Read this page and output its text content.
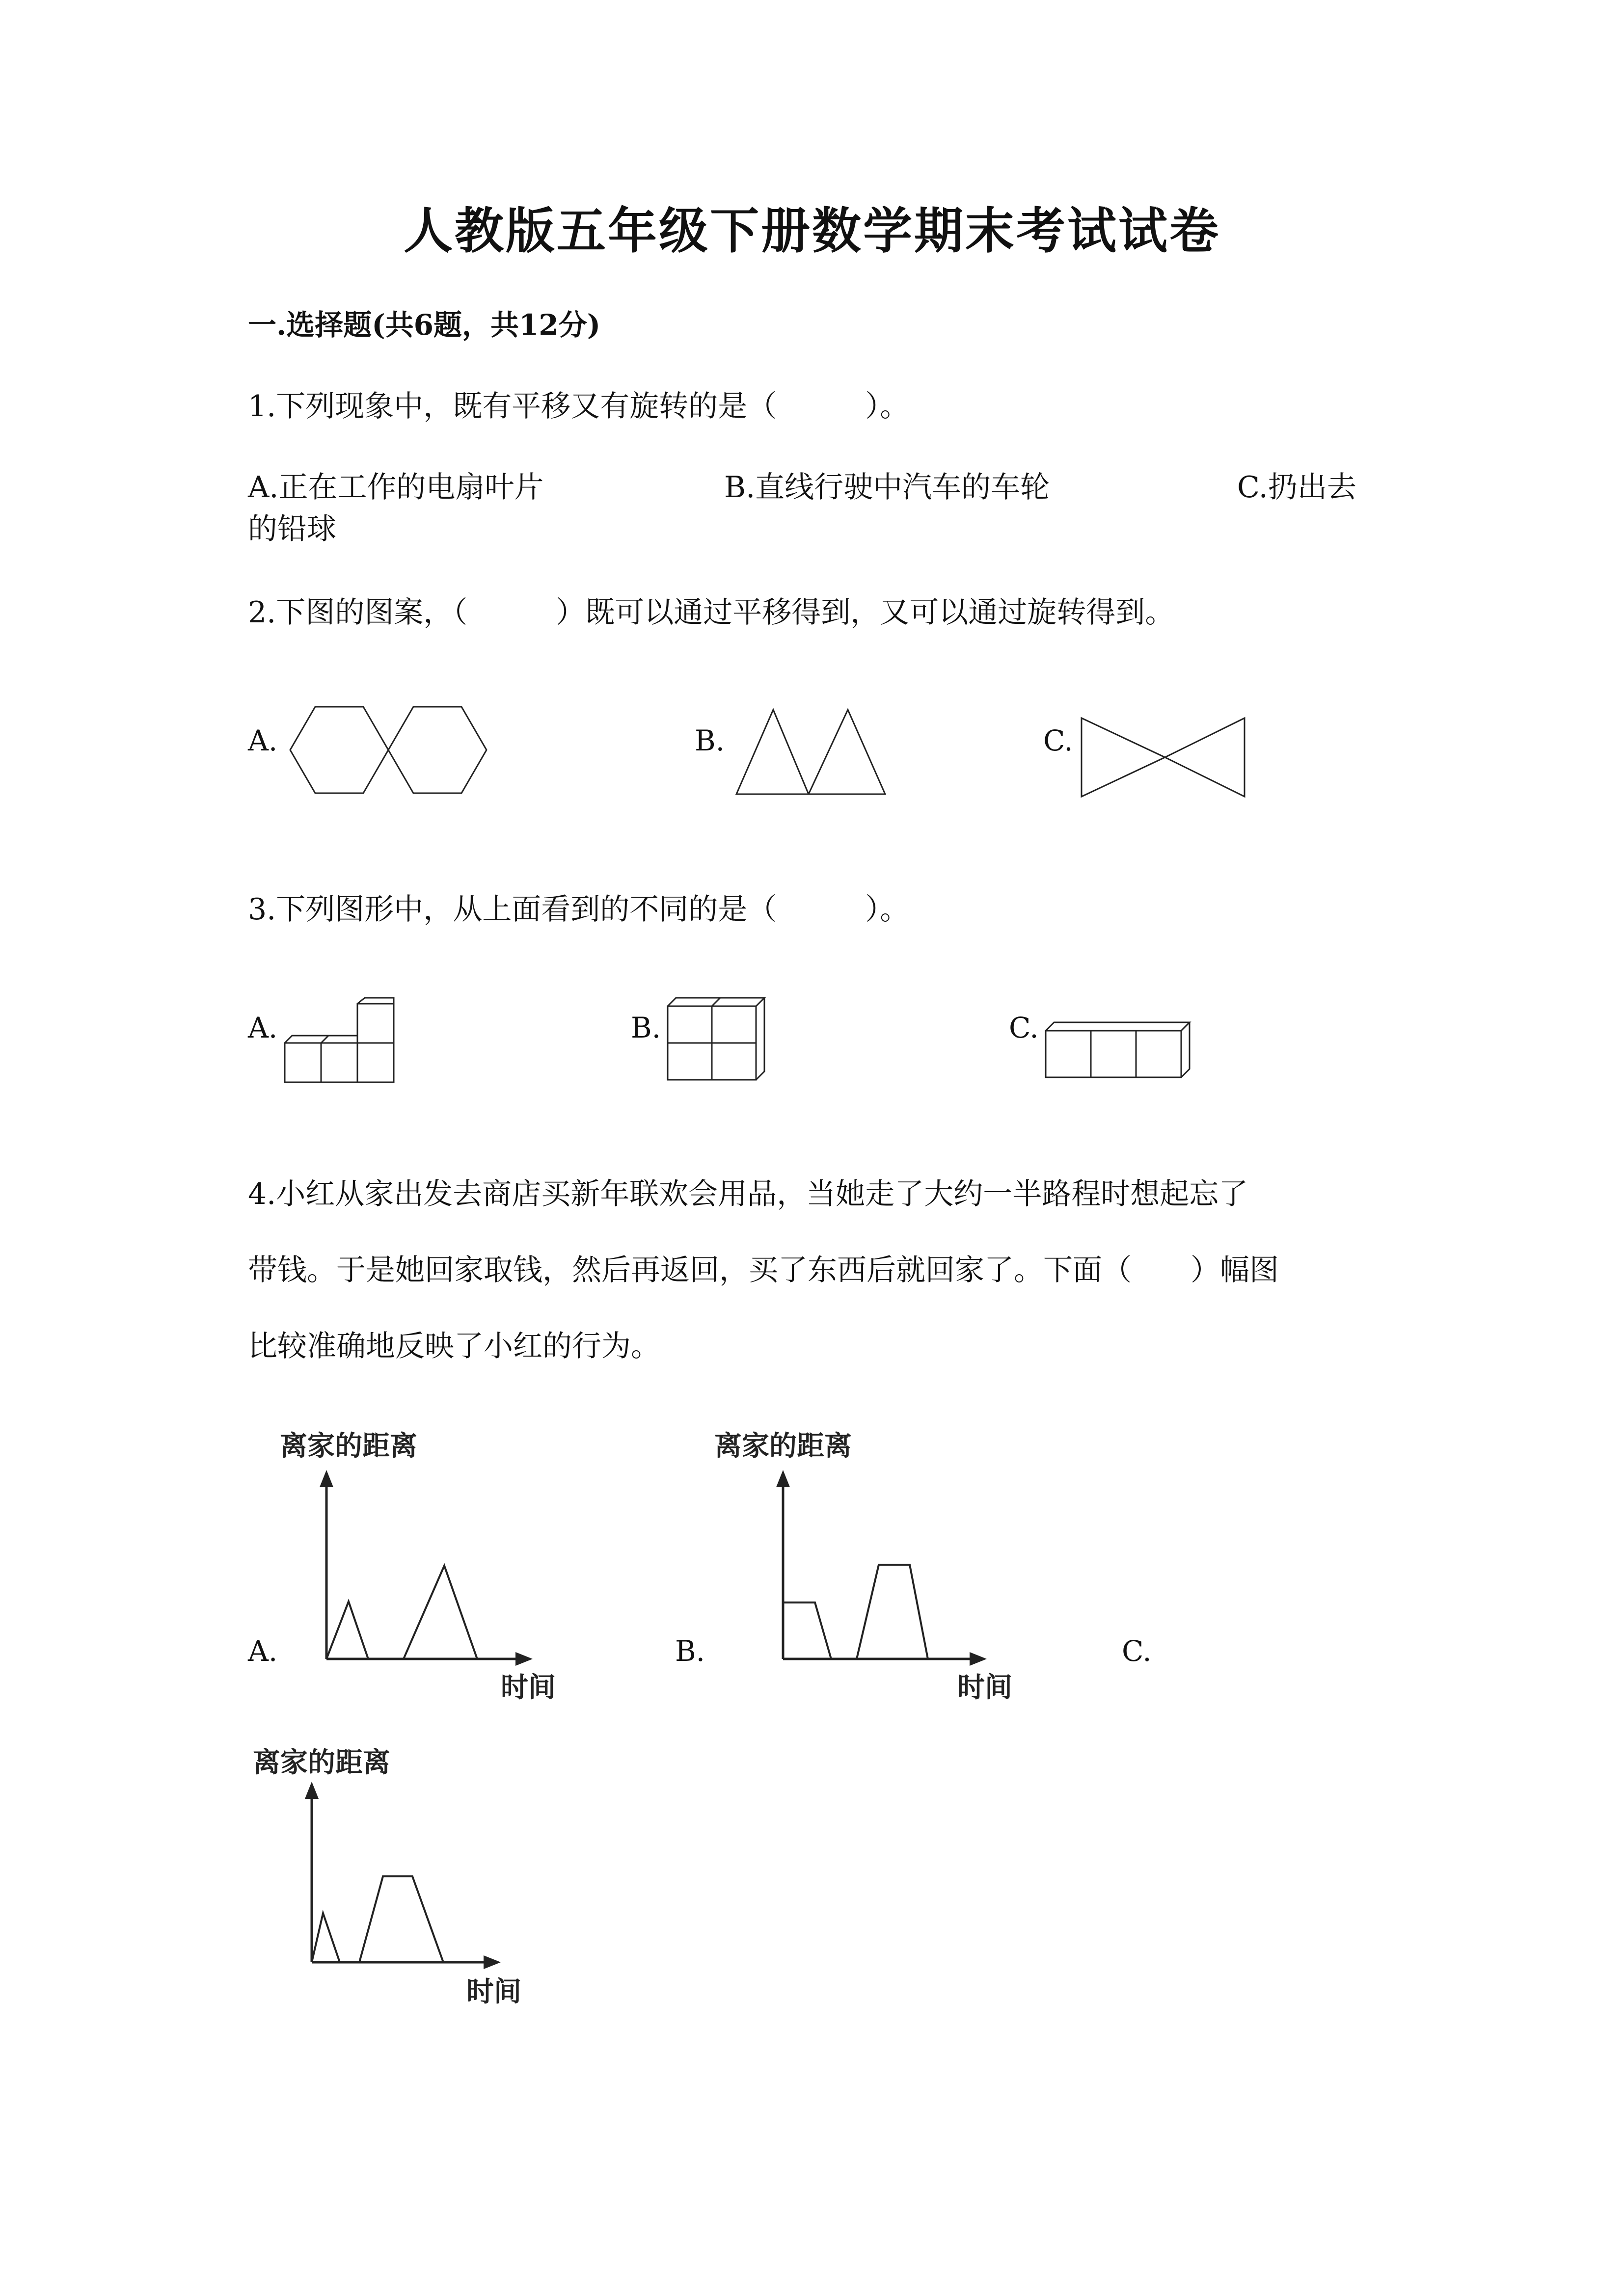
人教版五年级下册数学期末考试试卷
一.选择题(共6题，共12分)
1.下列现象中，既有平移又有旋转的是（　　　）。
A.正在工作的电扇叶片	B.直线行驶中汽车的车轮	C.扔出去
的铅球
2.下图的图案，（　　　）既可以通过平移得到，又可以通过旋转得到。
A.	B.	C.
3.下列图形中，从上面看到的不同的是（　　　）。
A.	B.	C.
4.小红从家出发去商店买新年联欢会用品，当她走了大约一半路程时想起忘了
带钱。于是她回家取钱，然后再返回，买了东西后就回家了。下面（　　）幅图
比较准确地反映了小红的行为。
A.	B.	C.
离家的距离
时间
离家的距离
时间
离家的距离
时间
